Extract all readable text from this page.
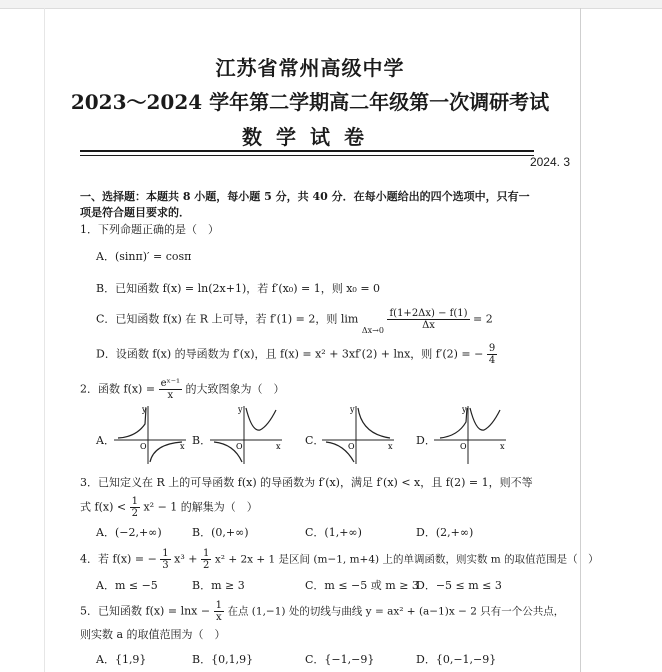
江苏省常州高级中学
2023～2024 学年第二学期高二年级第一次调研考试
数学试卷
2024. 3
一、选择题：本题共 8 小题，每小题 5 分，共 40 分．在每小题给出的四个选项中，只有一
项是符合题目要求的．
1．下列命题正确的是（　）
A．(sinπ)′ = cosπ
B．已知函数 f(x) = ln(2x+1)，若 f′(x₀) = 1，则 x₀ = 0
C．已知函数 f(x) 在 R 上可导，若 f′(1) = 2，则 $\lim \Delta x\to 0 \frac{f(1+2\Delta x) - f(1)}{\Delta x} = 2$
D．设函数 f(x) 的导函数为 f′(x)，且 f(x) = x² + 3xf′(2) + lnx，则 f′(2) = − $\frac{9}{4}$
2．函数 $f(x) = \frac{\text{eˣ⁻¹}}{x}$ 的大致图象为（　）
A．	B．	C．	D．
y
x
O
y
x
O
y
x
O
y
x
O
3．已知定义在 R 上的可导函数 f(x) 的导函数为 f′(x)，满足 f′(x) < x，且 f(2) = 1，则不等
式 $f(x) < \frac{1}{2} x^2 - 1$ 的解集为（　）
A．(−2,+∞)	B．(0,+∞)	C．(1,+∞)	D．(2,+∞)
4．若 f(x) = − $\frac{1}{3} x^3 + \frac{1}{2} x^2 + 2x + 1$ 是区间 (m−1, m+4) 上的单调函数，则实数 m 的取值范围是（　）
A．m ≤ −5	B．m ≥ 3	C．m ≤ −5 或 m ≥ 3
D．−5 ≤ m ≤ 3
5．已知函数 $f(x) = \ln x - \frac{1}{x}$ 在点 (1,−1) 处的切线与曲线 y = ax² + (a−1)x − 2 只有一个公共点，
则实数 a 的取值范围为（　）
A．{1,9}	B．{0,1,9}	C．{−1,−9}	D．{0,−1,−9}
